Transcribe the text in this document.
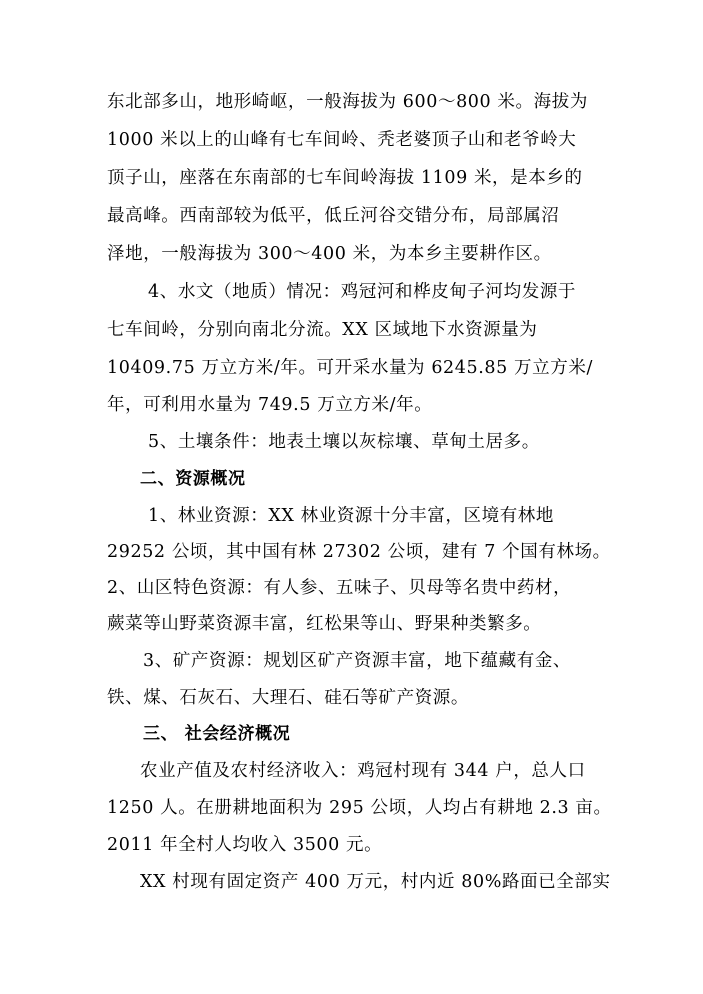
东北部多山，地形崎岖，一般海拔为 600～800 米。海拔为
1000 米以上的山峰有七车间岭、秃老婆顶子山和老爷岭大
顶子山，座落在东南部的七车间岭海拔 1109 米，是本乡的
最高峰。西南部较为低平，低丘河谷交错分布，局部属沼
泽地，一般海拔为 300～400 米，为本乡主要耕作区。
4、水文（地质）情况：鸡冠河和桦皮甸子河均发源于
七车间岭，分别向南北分流。XX 区域地下水资源量为
10409.75 万立方米/年。可开采水量为 6245.85 万立方米/
年，可利用水量为 749.5 万立方米/年。
5、土壤条件：地表土壤以灰棕壤、草甸土居多。
二、资源概况
1、林业资源：XX 林业资源十分丰富，区境有林地
29252 公顷，其中国有林 27302 公顷，建有 7 个国有林场。
2、山区特色资源：有人参、五味子、贝母等名贵中药材，
蕨菜等山野菜资源丰富，红松果等山、野果种类繁多。
3、矿产资源：规划区矿产资源丰富，地下蕴藏有金、
铁、煤、石灰石、大理石、硅石等矿产资源。
三、 社会经济概况
农业产值及农村经济收入：鸡冠村现有 344 户，总人口
1250 人。在册耕地面积为 295 公顷，人均占有耕地 2.3 亩。
2011 年全村人均收入 3500 元。
XX 村现有固定资产 400 万元，村内近 80%路面已全部实
